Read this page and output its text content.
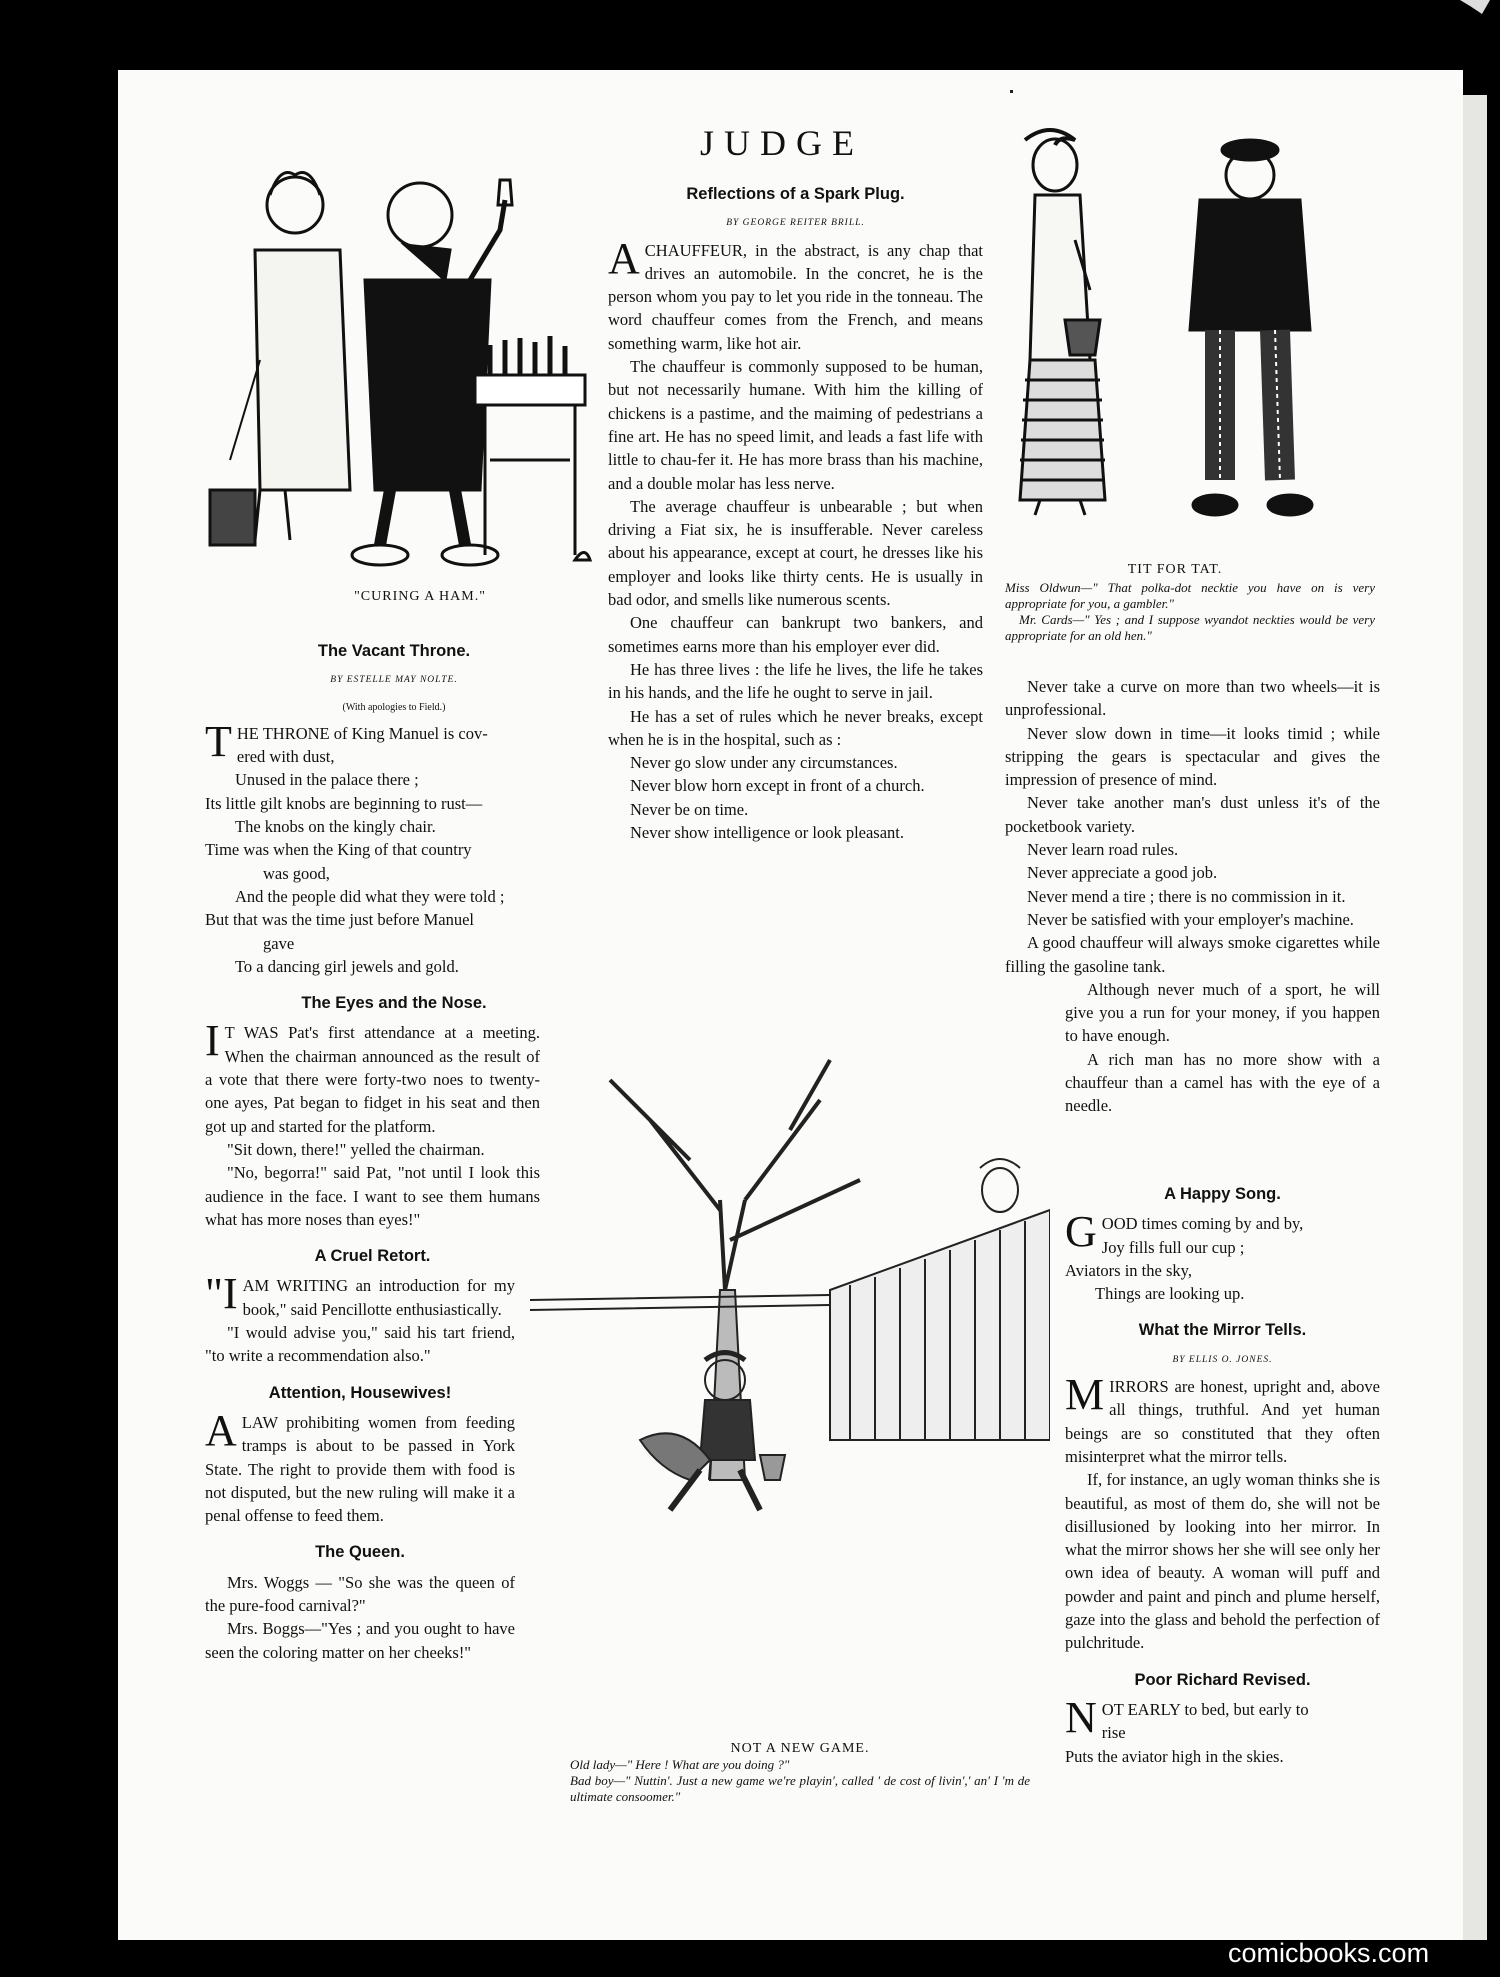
JUDGE
"CURING A HAM."
TIT FOR TAT.

Miss Oldwun—" That polka-dot necktie you have on is very appropriate for you, a gambler."

Mr. Cards—" Yes ; and I suppose wyandot neckties would be very appropriate for an old hen."

NOT A NEW GAME.

Old lady—" Here ! What are you doing ?"

Bad boy—" Nuttin'. Just a new game we're playin', called ' de cost of livin',' an' I 'm de ultimate consoomer."

The Vacant Throne.
BY ESTELLE MAY NOLTE.
(With apologies to Field.)
T HE THRONE of King Manuel is cov-

ered with dust,

Unused in the palace there ;

Its little gilt knobs are beginning to rust—

The knobs on the kingly chair.

Time was when the King of that country

was good,

And the people did what they were told ;

But that was the time just before Manuel

gave

To a dancing girl jewels and gold.

The Eyes and the Nose.

I T WAS Pat's first attendance at a meeting. When the chairman announced as the result of a vote that there were forty-two noes to twenty-one ayes, Pat began to fidget in his seat and then got up and started for the platform.

"Sit down, there!" yelled the chairman.

"No, begorra!" said Pat, "not until I look this audience in the face. I want to see them humans what has more noses than eyes!"

A Cruel Retort.

"IAM WRITING an introduction for my book," said Pencillotte enthusiastically.

"I would advise you," said his tart friend, "to write a recommendation also."

Attention, Housewives!

ALAW prohibiting women from feeding tramps is about to be passed in York State. The right to provide them with food is not disputed, but the new ruling will make it a penal offense to feed them.

The Queen.

Mrs. Woggs — "So she was the queen of the pure-food carnival?"

Mrs. Boggs—"Yes ; and you ought to have seen the coloring matter on her cheeks!"

Reflections of a Spark Plug.
BY GEORGE REITER BRILL.

ACHAUFFEUR, in the abstract, is any chap that drives an automobile. In the concret, he is the person whom you pay to let you ride in the tonneau. The word chauffeur comes from the French, and means something warm, like hot air.

The chauffeur is commonly supposed to be human, but not necessarily humane. With him the killing of chickens is a pastime, and the maiming of pedestrians a fine art. He has no speed limit, and leads a fast life with little to chau-fer it. He has more brass than his machine, and a double molar has less nerve.

The average chauffeur is unbearable ; but when driving a Fiat six, he is insufferable. Never careless about his appearance, except at court, he dresses like his employer and looks like thirty cents. He is usually in bad odor, and smells like numerous scents.

One chauffeur can bankrupt two bankers, and sometimes earns more than his employer ever did.

He has three lives : the life he lives, the life he takes in his hands, and the life he ought to serve in jail.

He has a set of rules which he never breaks, except when he is in the hospital, such as :

Never go slow under any circumstances.

Never blow horn except in front of a church.

Never be on time.

Never show intelligence or look pleasant.

Never take a curve on more than two wheels—it is unprofessional.

Never slow down in time—it looks timid ; while stripping the gears is spectacular and gives the impression of presence of mind.

Never take another man's dust unless it's of the pocketbook variety.

Never learn road rules.

Never appreciate a good job.

Never mend a tire ; there is no commission in it.

Never be satisfied with your employer's machine.

A good chauffeur will always smoke cigarettes while filling the gasoline tank.

Although never much of a sport, he will give you a run for your money, if you happen to have enough.

A rich man has no more show with a chauffeur than a camel has with the eye of a needle.

A Happy Song.
G OOD times coming by and by,

Joy fills full our cup ;

Aviators in the sky,

Things are looking up.

What the Mirror Tells.
BY ELLIS O. JONES.

MIRRORS are honest, upright and, above all things, truthful. And yet human beings are so constituted that they often misinterpret what the mirror tells.

If, for instance, an ugly woman thinks she is beautiful, as most of them do, she will not be disillusioned by looking into her mirror. In what the mirror shows her she will see only her own idea of beauty. A woman will puff and powder and paint and pinch and plume herself, gaze into the glass and behold the perfection of pulchritude.

Poor Richard Revised.
N OT EARLY to bed, but early to

rise

Puts the aviator high in the skies.

comicbooks.com
